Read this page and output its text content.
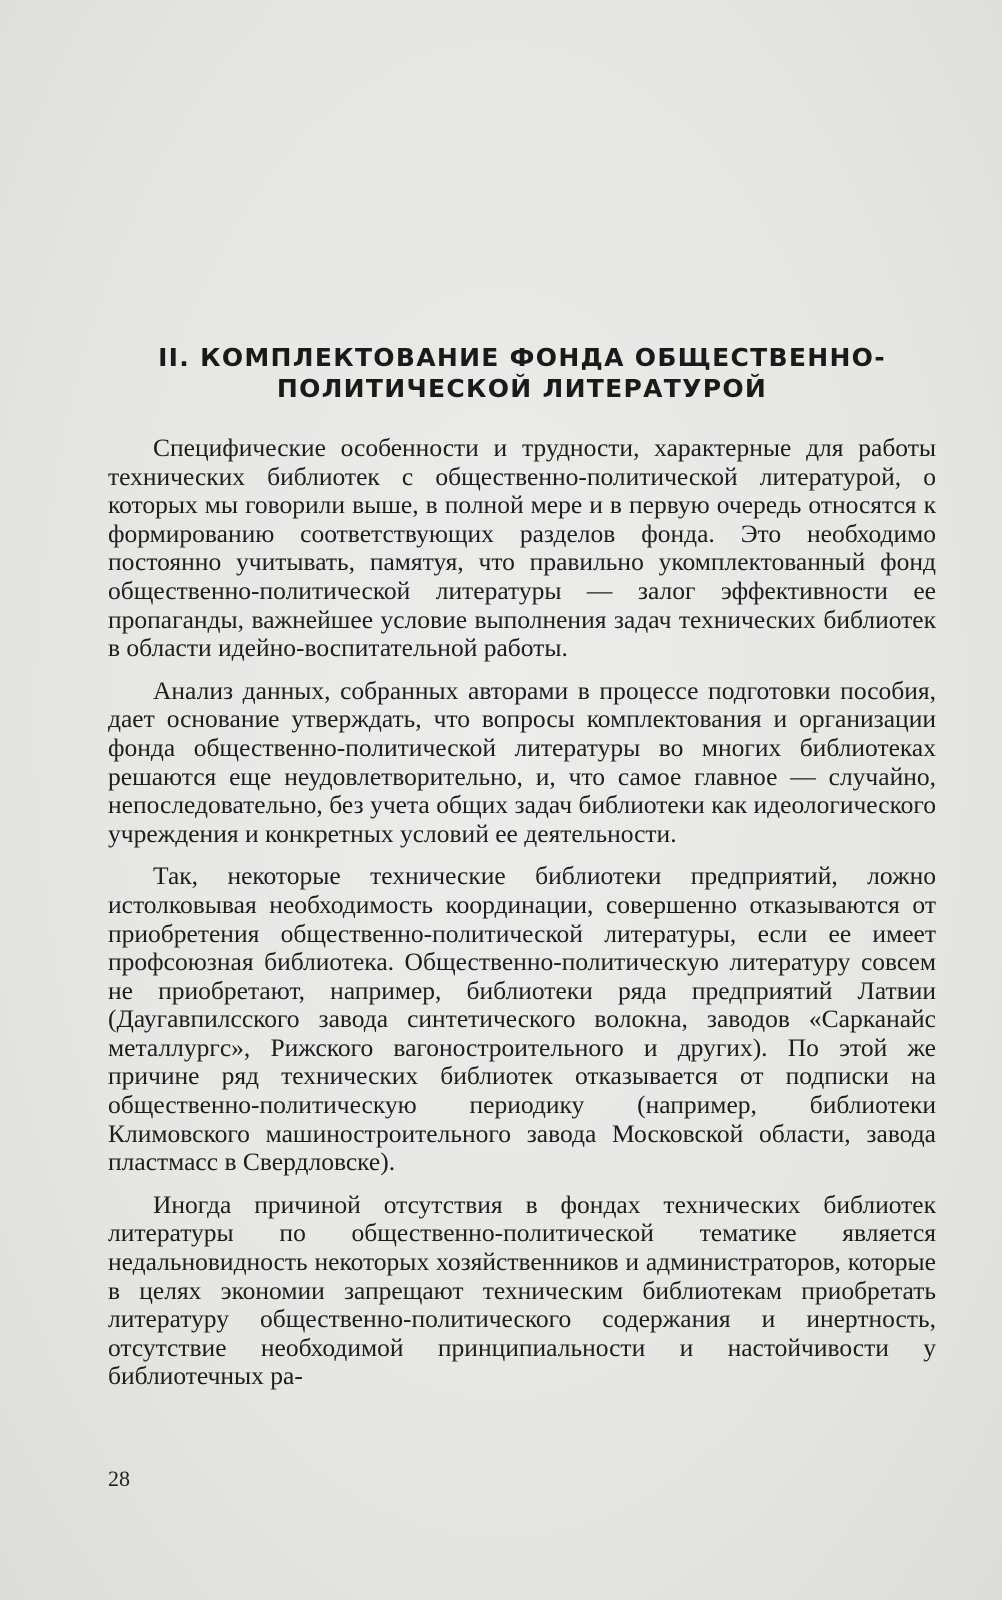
II. КОМПЛЕКТОВАНИЕ ФОНДА ОБЩЕСТВЕННО-
ПОЛИТИЧЕСКОЙ ЛИТЕРАТУРОЙ

Специфические особенности и трудности, характерные для работы технических библиотек с общественно-политической литературой, о которых мы говорили выше, в полной мере и в первую очередь относятся к формированию соответствующих разделов фонда. Это необходимо постоянно учитывать, памятуя, что правильно укомплектованный фонд общественно-политической литературы — залог эффективности ее пропаганды, важнейшее условие выполнения задач технических библиотек в области идейно-воспитательной работы.

Анализ данных, собранных авторами в процессе подготовки пособия, дает основание утверждать, что вопросы комплектования и организации фонда общественно-политической литературы во многих библиотеках решаются еще неудовлетворительно, и, что самое главное — случайно, непоследовательно, без учета общих задач библиотеки как идеологического учреждения и конкретных условий ее деятельности.

Так, некоторые технические библиотеки предприятий, ложно истолковывая необходимость координации, совершенно отказываются от приобретения общественно-политической литературы, если ее имеет профсоюзная библиотека. Общественно-политическую литературу совсем не приобретают, например, библиотеки ряда предприятий Латвии (Даугавпилсского завода синтетического волокна, заводов «Сарканайс металлургс», Рижского вагоностроительного и других). По этой же причине ряд технических библиотек отказывается от подписки на общественно-политическую периодику (например, библиотеки Климовского машиностроительного завода Московской области, завода пластмасс в Свердловске).

Иногда причиной отсутствия в фондах технических библиотек литературы по общественно-политической тематике является недальновидность некоторых хозяйственников и администраторов, которые в целях экономии запрещают техническим библиотекам приобретать литературу общественно-политического содержания и инертность, отсутствие необходимой принципиальности и настойчивости у библиотечных ра-

28
